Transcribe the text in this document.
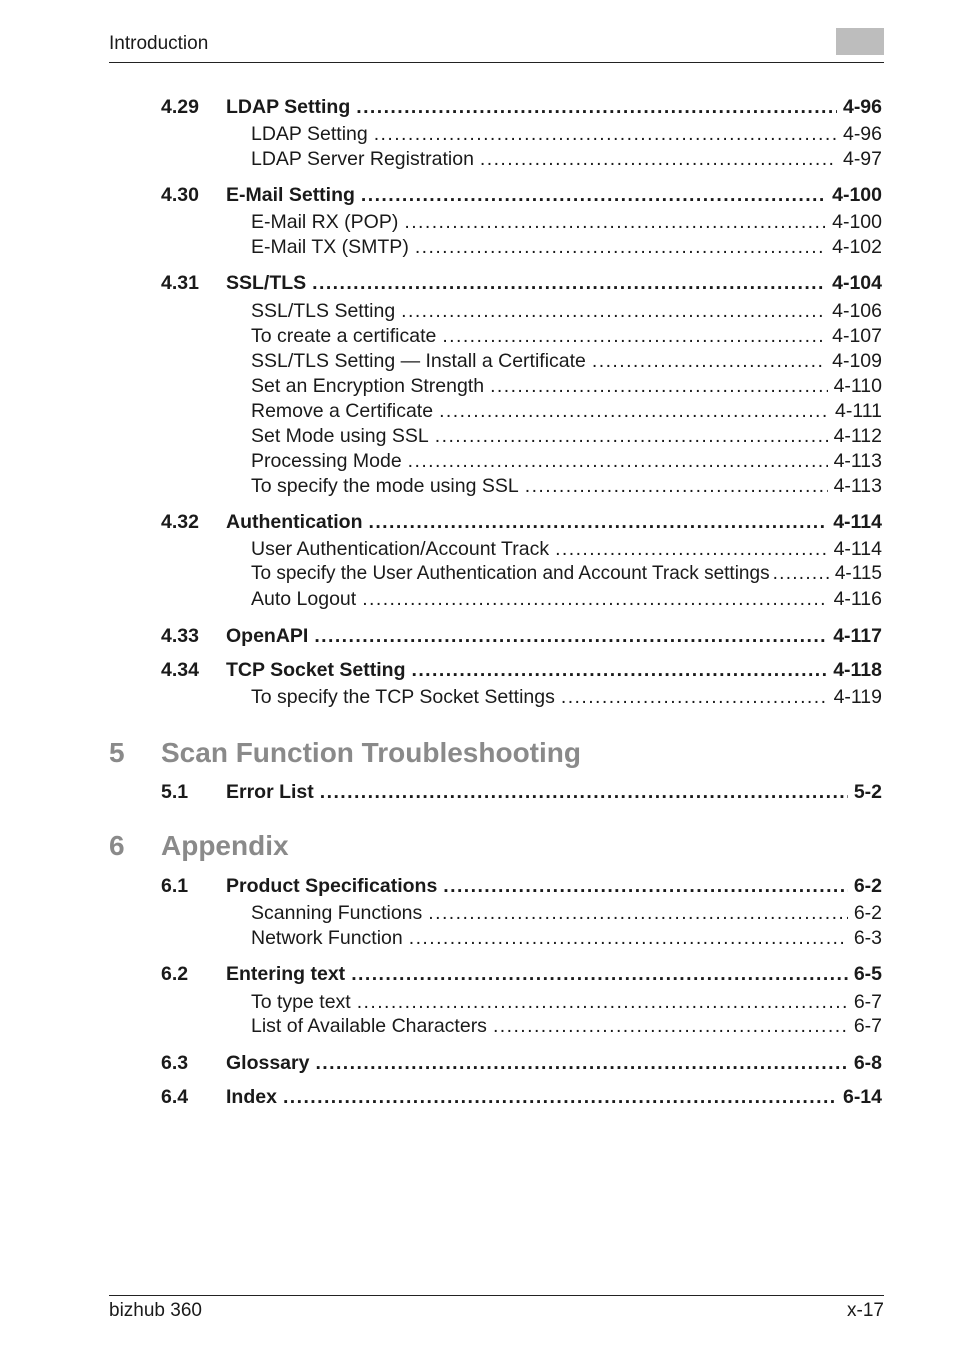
Introduction
4.29 LDAP Setting . . .	4-96
LDAP Setting . . .	4-96
LDAP Server Registration . . .	4-97
4.30 E-Mail Setting . . .	4-100
E-Mail RX (POP) . . .	4-100
E-Mail TX (SMTP) . . .	4-102
4.31 SSL/TLS . . .	4-104
SSL/TLS Setting . . .	4-106
To create a certificate . . .	4-107
SSL/TLS Setting — Install a Certificate . . .	4-109
Set an Encryption Strength . . .	4-110
Remove a Certificate . . .	4-111
Set Mode using SSL . . .	4-112
Processing Mode . . .	4-113
To specify the mode using SSL . . .	4-113
4.32 Authentication . . .	4-114
User Authentication/Account Track . . .	4-114
To specify the User Authentication and Account Track settings . . .	4-115
Auto Logout . . .	4-116
4.33 OpenAPI . . .	4-117
4.34 TCP Socket Setting . . .	4-118
To specify the TCP Socket Settings . . .	4-119
5 Scan Function Troubleshooting
5.1 Error List . . .	5-2
6 Appendix
6.1 Product Specifications . . .	6-2
Scanning Functions . . .	6-2
Network Function . . .	6-3
6.2 Entering text . . .	6-5
To type text . . .	6-7
List of Available Characters . . .	6-7
6.3 Glossary . . .	6-8
6.4 Index . . .	6-14
bizhub 360	x-17
